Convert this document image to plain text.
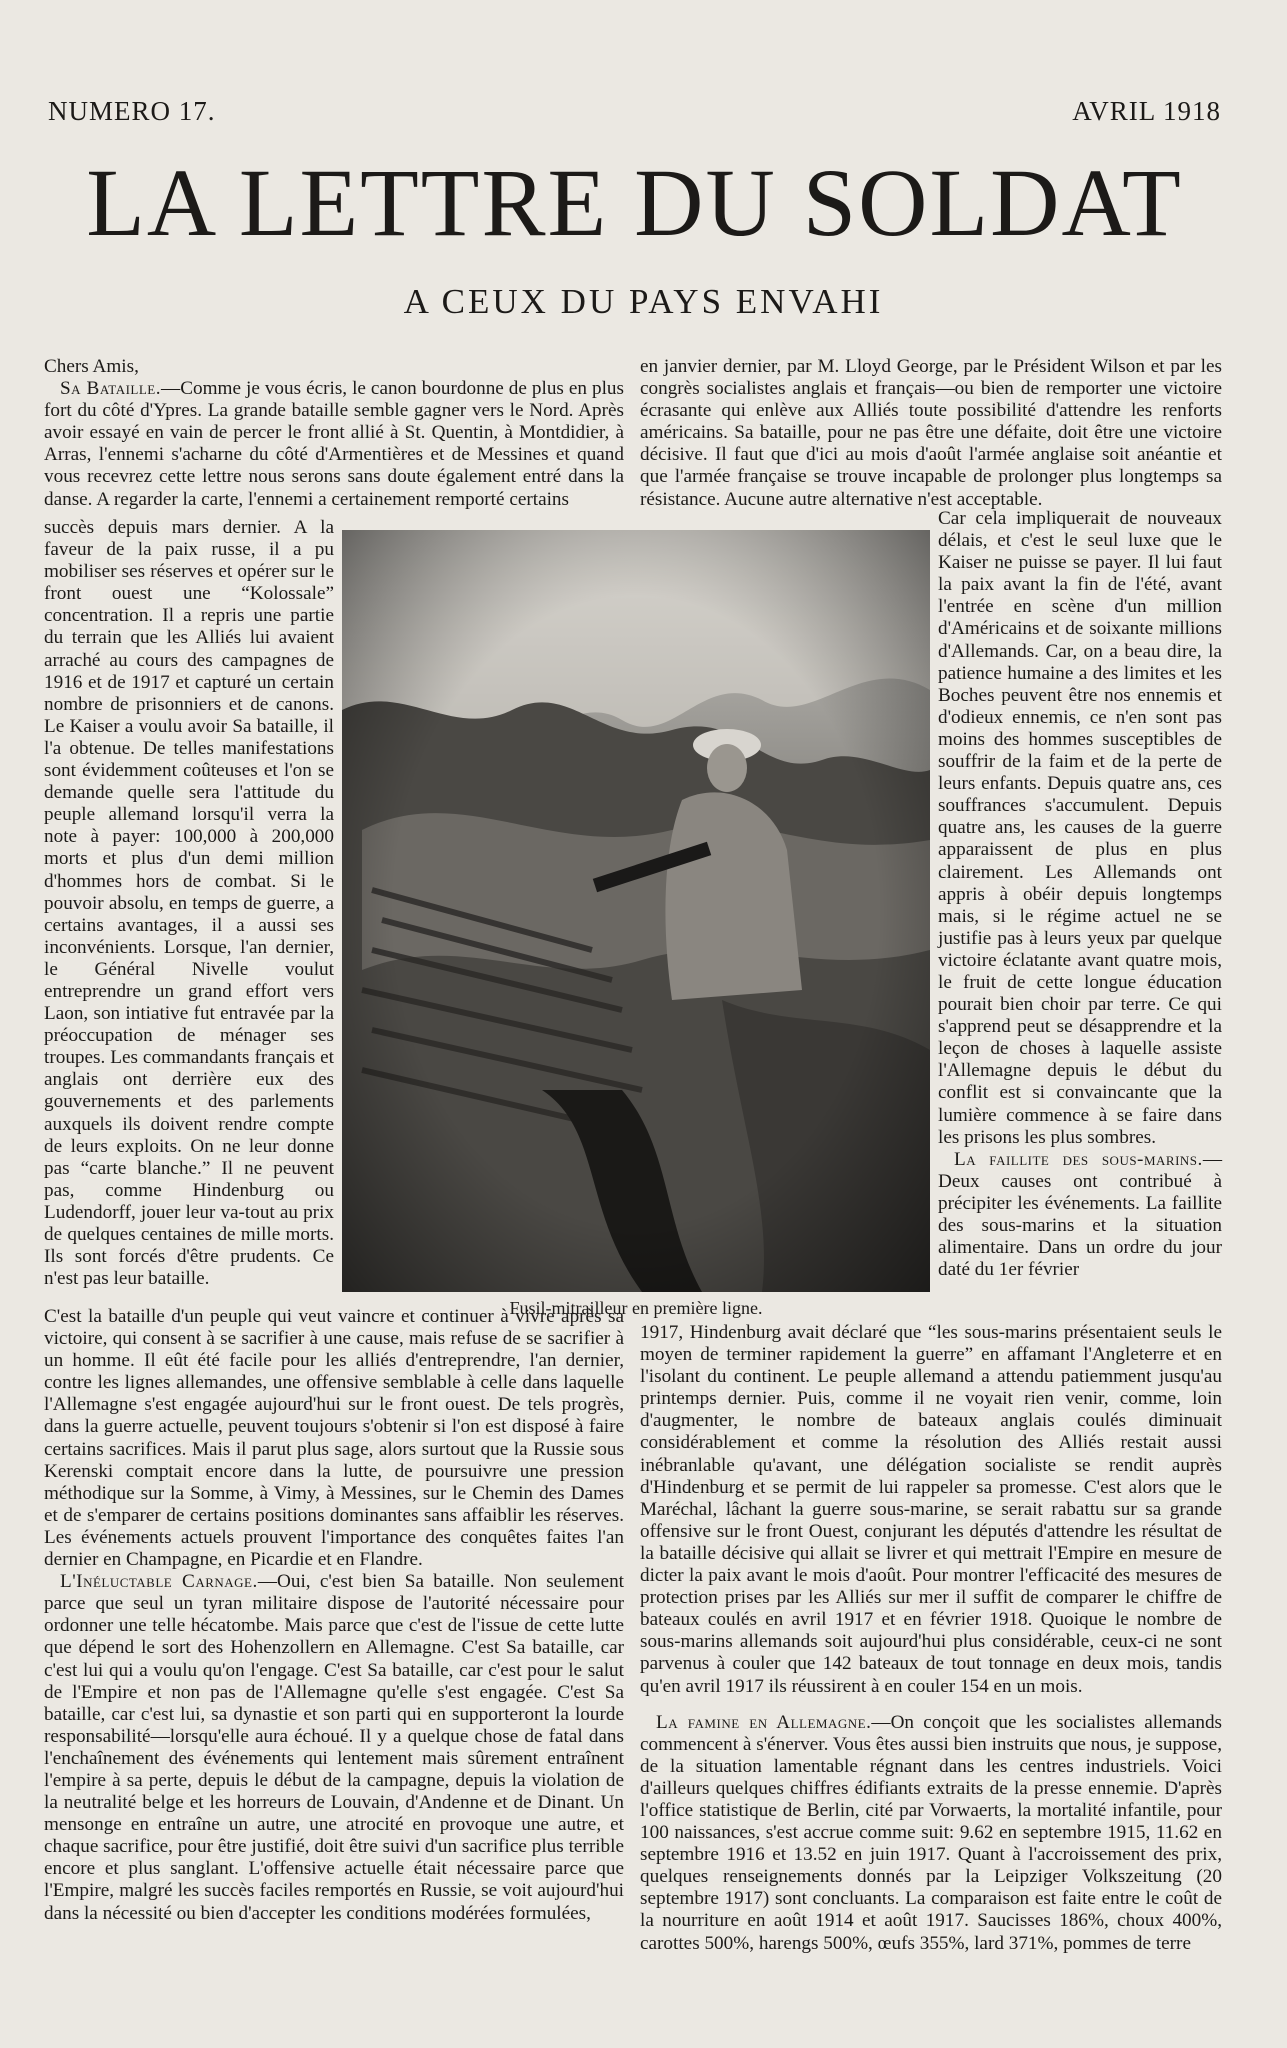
NUMERO 17.	AVRIL 1918
LA LETTRE DU SOLDAT
A CEUX DU PAYS ENVAHI

Chers Amis,

Sa Bataille.—Comme je vous écris, le canon bourdonne de plus en plus fort du côté d'Ypres. La grande bataille semble gagner vers le Nord. Après avoir essayé en vain de percer le front allié à St. Quentin, à Montdidier, à Arras, l'ennemi s'acharne du côté d'Armentières et de Messines et quand vous recevrez cette lettre nous serons sans doute également entré dans la danse. A regarder la carte, l'ennemi a certainement remporté certains

en janvier dernier, par M. Lloyd George, par le Président Wilson et par les congrès socialistes anglais et français—ou bien de remporter une victoire écrasante qui enlève aux Alliés toute possibilité d'attendre les renforts américains. Sa bataille, pour ne pas être une défaite, doit être une victoire décisive. Il faut que d'ici au mois d'août l'armée anglaise soit anéantie et que l'armée française se trouve incapable de prolonger plus longtemps sa résistance. Aucune autre alternative n'est acceptable.

succès depuis mars dernier. A la faveur de la paix russe, il a pu mobiliser ses réserves et opérer sur le front ouest une “Kolossale” concentration. Il a repris une partie du terrain que les Alliés lui avaient arraché au cours des campagnes de 1916 et de 1917 et capturé un certain nombre de prisonniers et de canons. Le Kaiser a voulu avoir Sa bataille, il l'a obtenue. De telles manifestations sont évidemment coûteuses et l'on se demande quelle sera l'attitude du peuple allemand lorsqu'il verra la note à payer: 100,000 à 200,000 morts et plus d'un demi million d'hommes hors de combat. Si le pouvoir absolu, en temps de guerre, a certains avantages, il a aussi ses inconvénients. Lorsque, l'an dernier, le Général Nivelle voulut entreprendre un grand effort vers Laon, son intiative fut entravée par la préoccupation de ménager ses troupes. Les commandants français et anglais ont derrière eux des gouvernements et des parlements auxquels ils doivent rendre compte de leurs exploits. On ne leur donne pas “carte blanche.” Il ne peuvent pas, comme Hindenburg ou Ludendorff, jouer leur va-tout au prix de quelques centaines de mille morts. Ils sont forcés d'être prudents. Ce n'est pas leur bataille.

Car cela impliquerait de nouveaux délais, et c'est le seul luxe que le Kaiser ne puisse se payer. Il lui faut la paix avant la fin de l'été, avant l'entrée en scène d'un million d'Américains et de soixante millions d'Allemands. Car, on a beau dire, la patience humaine a des limites et les Boches peuvent être nos ennemis et d'odieux ennemis, ce n'en sont pas moins des hommes susceptibles de souffrir de la faim et de la perte de leurs enfants. Depuis quatre ans, ces souffrances s'accumulent. Depuis quatre ans, les causes de la guerre apparaissent de plus en plus clairement. Les Allemands ont appris à obéir depuis longtemps mais, si le régime actuel ne se justifie pas à leurs yeux par quelque victoire éclatante avant quatre mois, le fruit de cette longue éducation pourait bien choir par terre. Ce qui s'apprend peut se désapprendre et la leçon de choses à laquelle assiste l'Allemagne depuis le début du conflit est si convaincante que la lumière commence à se faire dans les prisons les plus sombres.

La faillite des sous-marins.—Deux causes ont contribué à précipiter les événements. La faillite des sous-marins et la situation alimentaire. Dans un ordre du jour daté du 1er février

Fusil-mitrailleur en première ligne.

C'est la bataille d'un peuple qui veut vaincre et continuer à vivre après sa victoire, qui consent à se sacrifier à une cause, mais refuse de se sacrifier à un homme. Il eût été facile pour les alliés d'entreprendre, l'an dernier, contre les lignes allemandes, une offensive semblable à celle dans laquelle l'Allemagne s'est engagée aujourd'hui sur le front ouest. De tels progrès, dans la guerre actuelle, peuvent toujours s'obtenir si l'on est disposé à faire certains sacrifices. Mais il parut plus sage, alors surtout que la Russie sous Kerenski comptait encore dans la lutte, de poursuivre une pression méthodique sur la Somme, à Vimy, à Messines, sur le Chemin des Dames et de s'emparer de certains positions dominantes sans affaiblir les réserves. Les événements actuels prouvent l'importance des conquêtes faites l'an dernier en Champagne, en Picardie et en Flandre.

L'Inéluctable Carnage.—Oui, c'est bien Sa bataille. Non seulement parce que seul un tyran militaire dispose de l'autorité nécessaire pour ordonner une telle hécatombe. Mais parce que c'est de l'issue de cette lutte que dépend le sort des Hohenzollern en Allemagne. C'est Sa bataille, car c'est lui qui a voulu qu'on l'engage. C'est Sa bataille, car c'est pour le salut de l'Empire et non pas de l'Allemagne qu'elle s'est engagée. C'est Sa bataille, car c'est lui, sa dynastie et son parti qui en supporteront la lourde responsabilité—lorsqu'elle aura échoué. Il y a quelque chose de fatal dans l'enchaînement des événements qui lentement mais sûrement entraînent l'empire à sa perte, depuis le début de la campagne, depuis la violation de la neutralité belge et les horreurs de Louvain, d'Andenne et de Dinant. Un mensonge en entraîne un autre, une atrocité en provoque une autre, et chaque sacrifice, pour être justifié, doit être suivi d'un sacrifice plus terrible encore et plus sanglant. L'offensive actuelle était nécessaire parce que l'Empire, malgré les succès faciles remportés en Russie, se voit aujourd'hui dans la nécessité ou bien d'accepter les conditions modérées formulées,

1917, Hindenburg avait déclaré que “les sous-marins présentaient seuls le moyen de terminer rapidement la guerre” en affamant l'Angleterre et en l'isolant du continent. Le peuple allemand a attendu patiemment jusqu'au printemps dernier. Puis, comme il ne voyait rien venir, comme, loin d'augmenter, le nombre de bateaux anglais coulés diminuait considérablement et comme la résolution des Alliés restait aussi inébranlable qu'avant, une délégation socialiste se rendit auprès d'Hindenburg et se permit de lui rappeler sa promesse. C'est alors que le Maréchal, lâchant la guerre sous-marine, se serait rabattu sur sa grande offensive sur le front Ouest, conjurant les députés d'attendre les résultat de la bataille décisive qui allait se livrer et qui mettrait l'Empire en mesure de dicter la paix avant le mois d'août. Pour montrer l'efficacité des mesures de protection prises par les Alliés sur mer il suffit de comparer le chiffre de bateaux coulés en avril 1917 et en février 1918. Quoique le nombre de sous-marins allemands soit aujourd'hui plus considérable, ceux-ci ne sont parvenus à couler que 142 bateaux de tout tonnage en deux mois, tandis qu'en avril 1917 ils réussirent à en couler 154 en un mois.

La famine en Allemagne.—On conçoit que les socialistes allemands commencent à s'énerver. Vous êtes aussi bien instruits que nous, je suppose, de la situation lamentable régnant dans les centres industriels. Voici d'ailleurs quelques chiffres édifiants extraits de la presse ennemie. D'après l'office statistique de Berlin, cité par Vorwaerts, la mortalité infantile, pour 100 naissances, s'est accrue comme suit: 9.62 en septembre 1915, 11.62 en septembre 1916 et 13.52 en juin 1917. Quant à l'accroissement des prix, quelques renseignements donnés par la Leipziger Volkszeitung (20 septembre 1917) sont concluants. La comparaison est faite entre le coût de la nourriture en août 1914 et août 1917. Saucisses 186%, choux 400%, carottes 500%, harengs 500%, œufs 355%, lard 371%, pommes de terre
